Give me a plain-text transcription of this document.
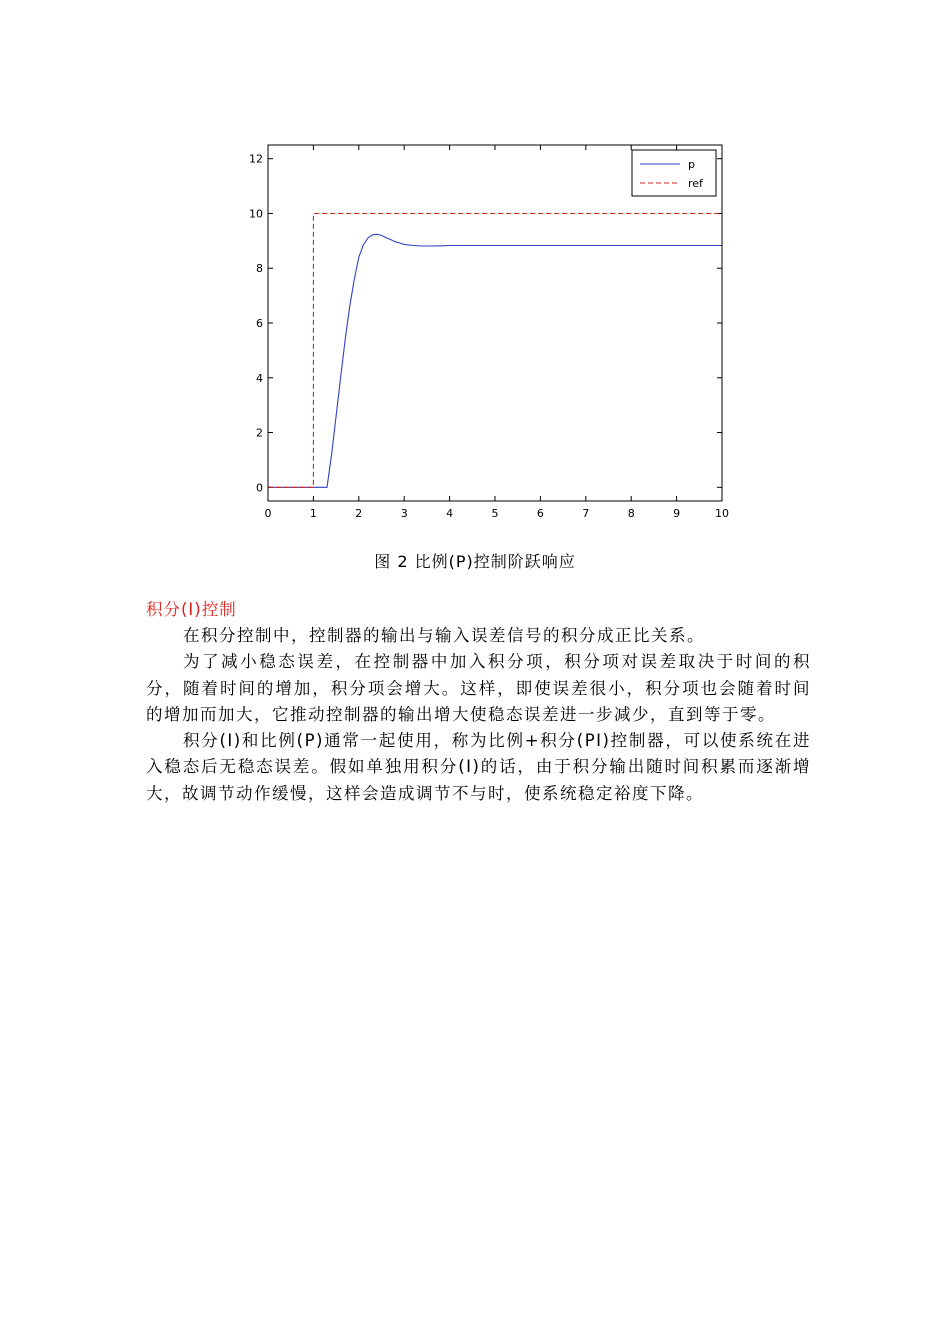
0	1	2	3	4	5	6	7	8	9	10
0
2
4
6
8
10
12	p
ref
图 2 比例(P)控制阶跃响应
积分(I)控制

在积分控制中，控制器的输出与输入误差信号的积分成正比关系。

为了减小稳态误差，在控制器中加入积分项，积分项对误差取决于时间的积分，随着时间的增加，积分项会增大。这样，即使误差很小，积分项也会随着时间的增加而加大，它推动控制器的输出增大使稳态误差进一步减少，直到等于零。

积分(I)和比例(P)通常一起使用，称为比例+积分(PI)控制器，可以使系统在进入稳态后无稳态误差。假如单独用积分(I)的话，由于积分输出随时间积累而逐渐增大，故调节动作缓慢，这样会造成调节不与时，使系统稳定裕度下降。
